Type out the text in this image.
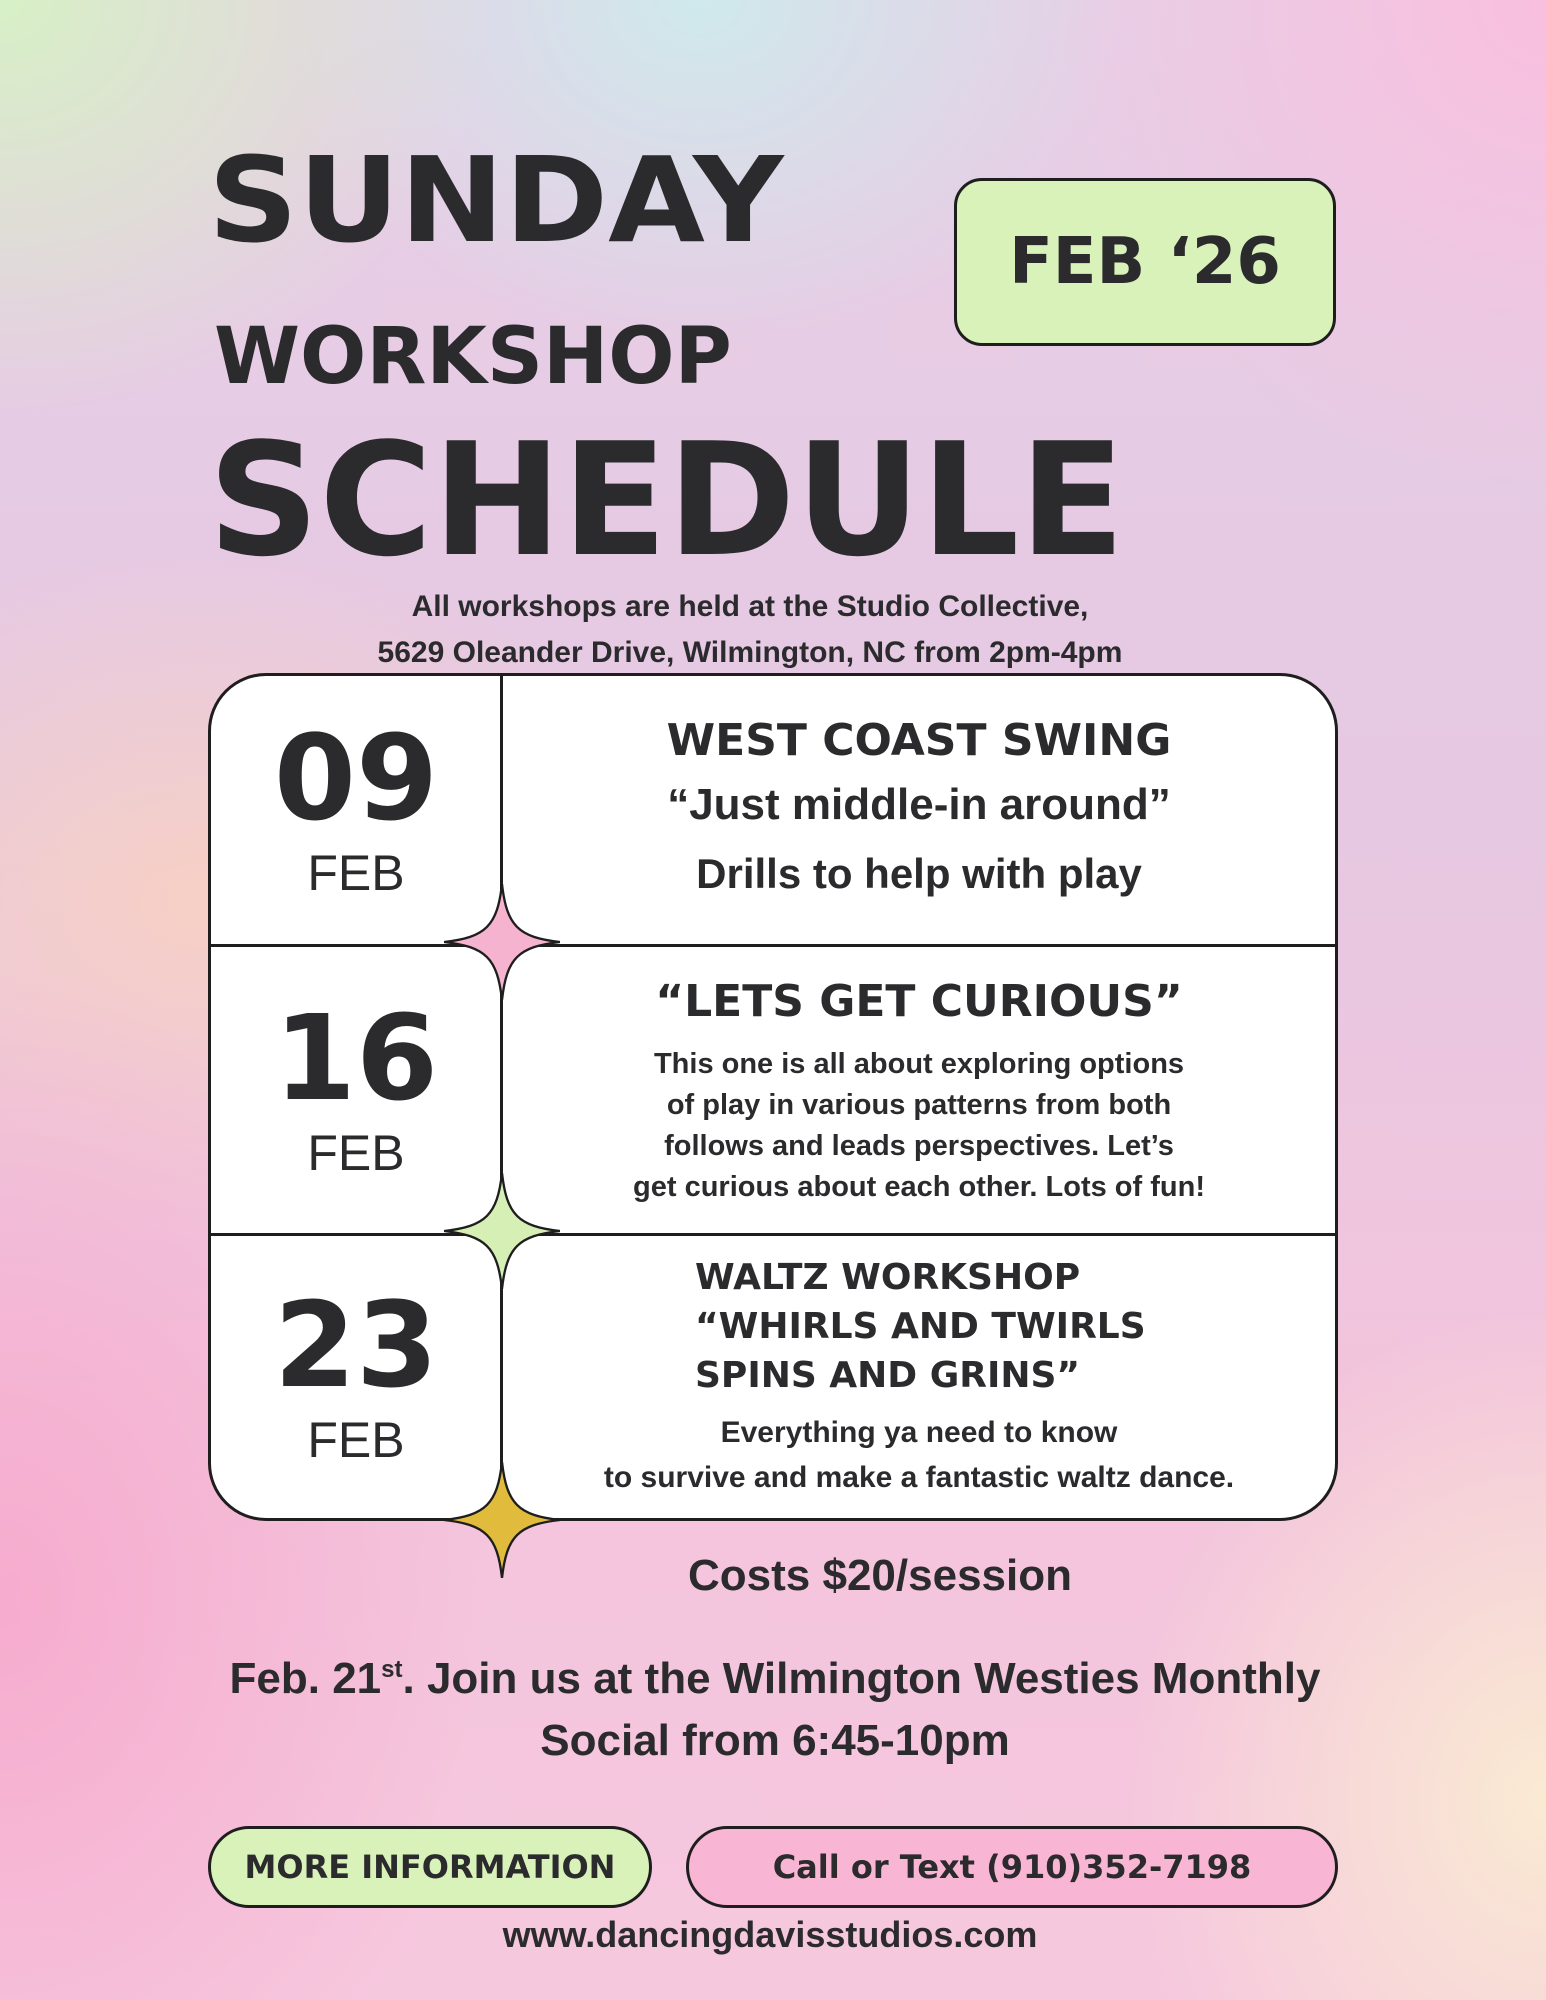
SUNDAY
WORKSHOP
SCHEDULE
FEB ‘26
All workshops are held at the Studio Collective,
5629 Oleander Drive, Wilmington, NC from 2pm-4pm
09
FEB
WEST COAST SWING
“Just middle-in around”
Drills to help with play
16
FEB
“LETS GET CURIOUS”
This one is all about exploring options
of play in various patterns from both
follows and leads perspectives. Let’s
get curious about each other. Lots of fun!
23
FEB
WALTZ WORKSHOP
“WHIRLS AND TWIRLS
SPINS AND GRINS”
Everything ya need to know
to survive and make a fantastic waltz dance.
Costs $20/session
Feb. 21st. Join us at the Wilmington Westies Monthly
Social from 6:45-10pm
MORE INFORMATION	Call or Text (910)352-7198
www.dancingdavisstudios.com
